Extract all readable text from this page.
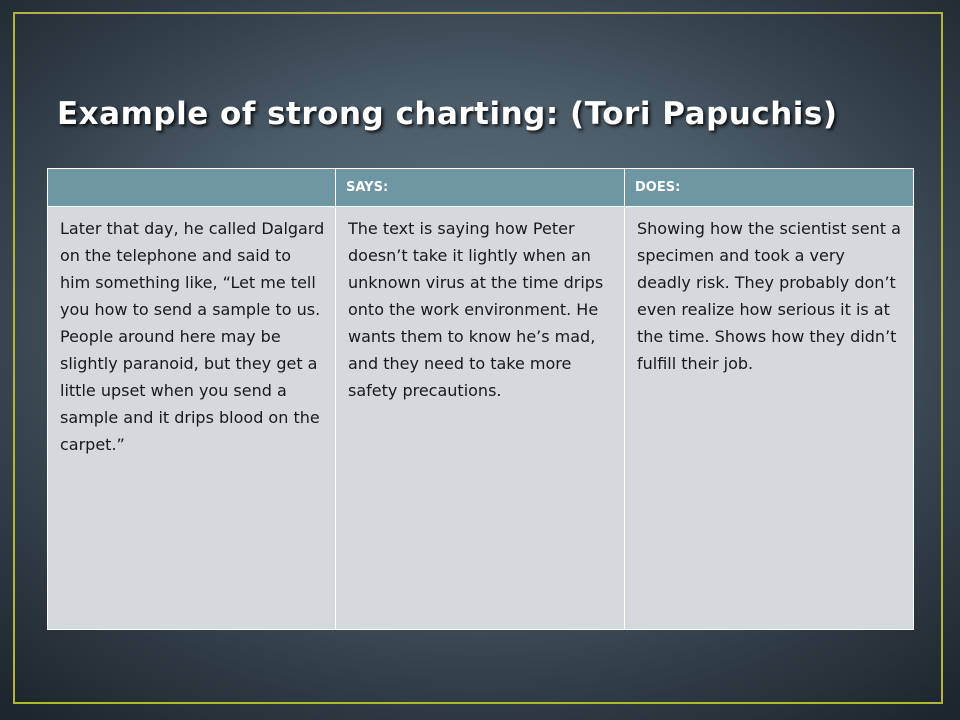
Example of strong charting: (Tori Papuchis)
	SAYS:	DOES:
Later that day, he called Dalgard on the telephone and said to him something like, “Let me tell you how to send a sample to us. People around here may be slightly paranoid, but they get a little upset when you send a sample and it drips blood on the carpet.”	The text is saying how Peter doesn’t take it lightly when an unknown virus at the time drips onto the work environment. He wants them to know he’s mad, and they need to take more safety precautions.	Showing how the scientist sent a specimen and took a very deadly risk. They probably don’t even realize how serious it is at the time. Shows how they didn’t fulfill their job.
